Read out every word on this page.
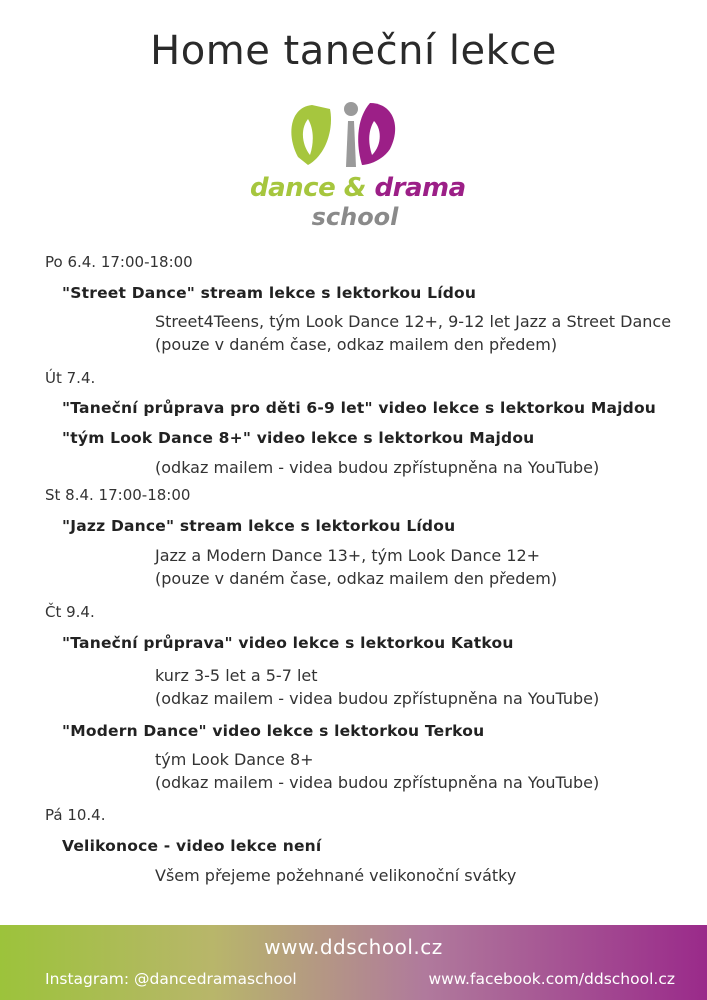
Home taneční lekce
dance & drama
school
Po 6.4. 17:00-18:00
"Street Dance" stream lekce s lektorkou Lídou
Street4Teens, tým Look Dance 12+, 9-12 let Jazz a Street Dance
(pouze v daném čase, odkaz mailem den předem)
Út 7.4.
"Taneční průprava pro děti 6-9 let" video lekce s lektorkou Majdou
"tým Look Dance 8+" video lekce s lektorkou Majdou
(odkaz mailem - videa budou zpřístupněna na YouTube)
St 8.4. 17:00-18:00
"Jazz Dance" stream lekce s lektorkou Lídou
Jazz a Modern Dance 13+, tým Look Dance 12+
(pouze v daném čase, odkaz mailem den předem)
Čt 9.4.
"Taneční průprava" video lekce s lektorkou Katkou
kurz 3-5 let a 5-7 let
(odkaz mailem - videa budou zpřístupněna na YouTube)
"Modern Dance" video lekce s lektorkou Terkou
tým Look Dance 8+
(odkaz mailem - videa budou zpřístupněna na YouTube)
Pá 10.4.
Velikonoce - video lekce není
Všem přejeme požehnané velikonoční svátky
www.ddschool.cz
Instagram: @dancedramaschool	www.facebook.com/ddschool.cz
